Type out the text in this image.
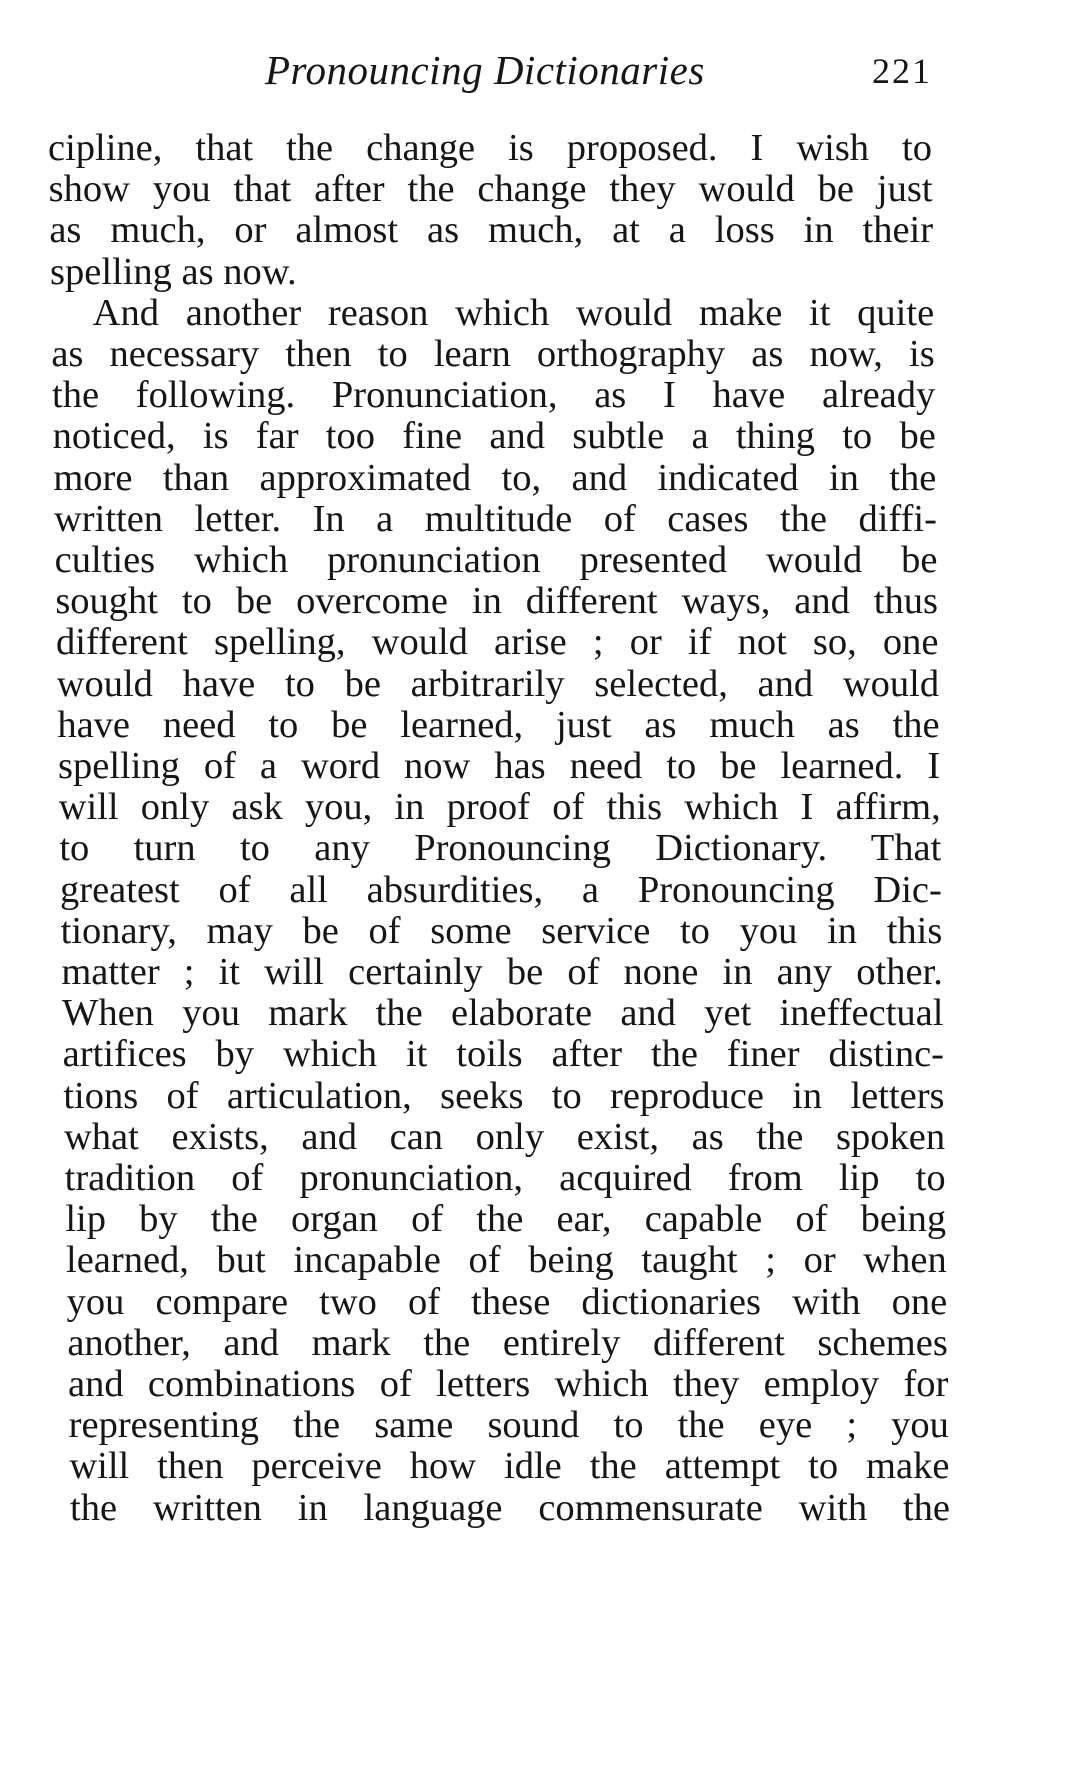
Pronouncing Dictionaries	221
cipline, that the change is proposed. I wish to
show you that after the change they would be just
as much, or almost as much, at a loss in their
spelling as now.
And another reason which would make it quite
as necessary then to learn orthography as now, is
the following. Pronunciation, as I have already
noticed, is far too fine and subtle a thing to be
more than approximated to, and indicated in the
written letter. In a multitude of cases the diffi-
culties which pronunciation presented would be
sought to be overcome in different ways, and thus
different spelling, would arise ; or if not so, one
would have to be arbitrarily selected, and would
have need to be learned, just as much as the
spelling of a word now has need to be learned. I
will only ask you, in proof of this which I affirm,
to turn to any Pronouncing Dictionary. That
greatest of all absurdities, a Pronouncing Dic-
tionary, may be of some service to you in this
matter ; it will certainly be of none in any other.
When you mark the elaborate and yet ineffectual
artifices by which it toils after the finer distinc-
tions of articulation, seeks to reproduce in letters
what exists, and can only exist, as the spoken
tradition of pronunciation, acquired from lip to
lip by the organ of the ear, capable of being
learned, but incapable of being taught ; or when
you compare two of these dictionaries with one
another, and mark the entirely different schemes
and combinations of letters which they employ for
representing the same sound to the eye ; you
will then perceive how idle the attempt to make
the written in language commensurate with the
